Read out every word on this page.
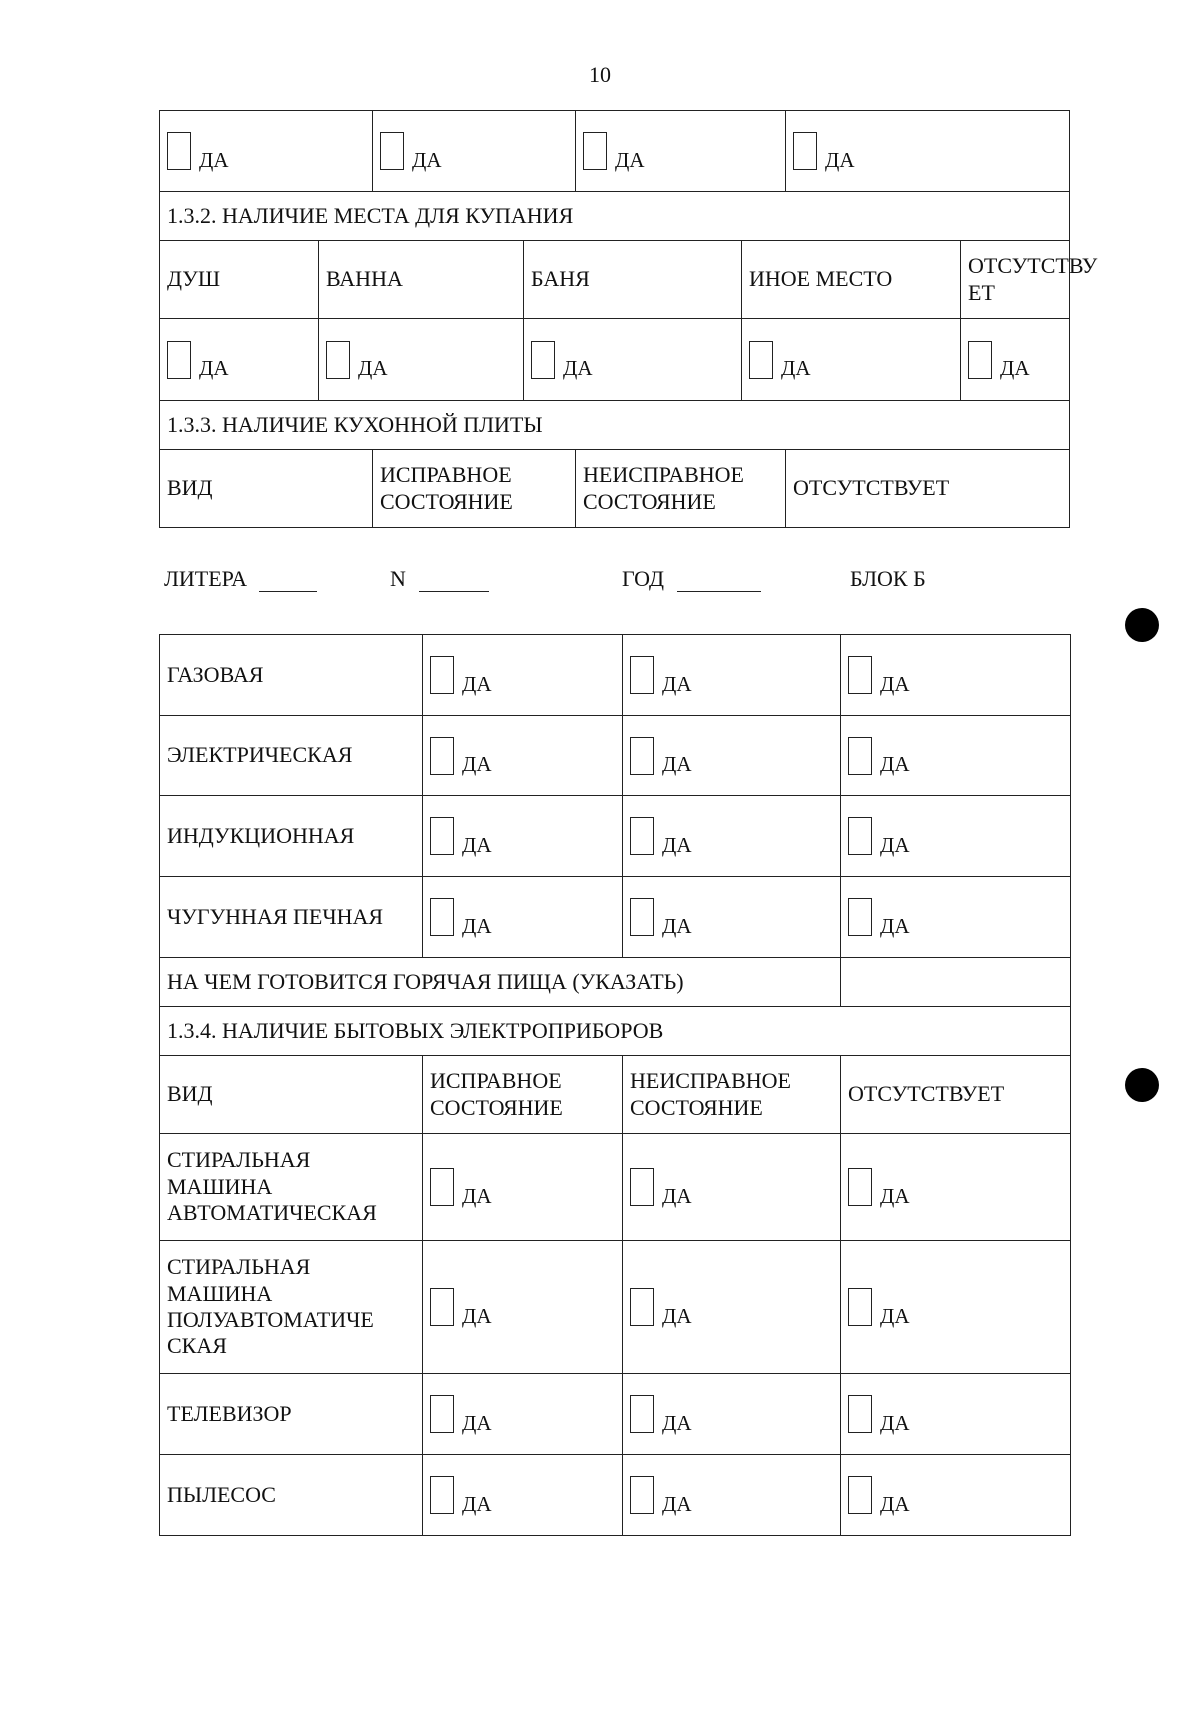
10
ДА		ДА		ДА		ДА	
1.3.2. НАЛИЧИЕ МЕСТА ДЛЯ КУПАНИЯ							
ДУШ	ВАННА		БАНЯ		ИНОЕ МЕСТО		ОТСУТСТВУ ЕТ
ДА	ДА		ДА		ДА		ДА
1.3.3. НАЛИЧИЕ КУХОННОЙ ПЛИТЫ							
ВИД		ИСПРАВНОЕ СОСТОЯНИЕ		НЕИСПРАВНОЕ СОСТОЯНИЕ		ОТСУТСТВУЕТ	
ЛИТЕРА	N	ГОД	БЛОК Б
ГАЗОВАЯ	ДА	ДА	ДА
ЭЛЕКТРИЧЕСКАЯ	ДА	ДА	ДА
ИНДУКЦИОННАЯ	ДА	ДА	ДА
ЧУГУННАЯ ПЕЧНАЯ	ДА	ДА	ДА
НА ЧЕМ ГОТОВИТСЯ ГОРЯЧАЯ ПИЩА (УКАЗАТЬ)			
1.3.4. НАЛИЧИЕ БЫТОВЫХ ЭЛЕКТРОПРИБОРОВ			
ВИД	ИСПРАВНОЕ СОСТОЯНИЕ	НЕИСПРАВНОЕ СОСТОЯНИЕ	ОТСУТСТВУЕТ
СТИРАЛЬНАЯ МАШИНА АВТОМАТИЧЕСКАЯ	ДА	ДА	ДА
СТИРАЛЬНАЯ МАШИНА ПОЛУАВТОМАТИЧЕ СКАЯ	ДА	ДА	ДА
ТЕЛЕВИЗОР	ДА	ДА	ДА
ПЫЛЕСОС	ДА	ДА	ДА
